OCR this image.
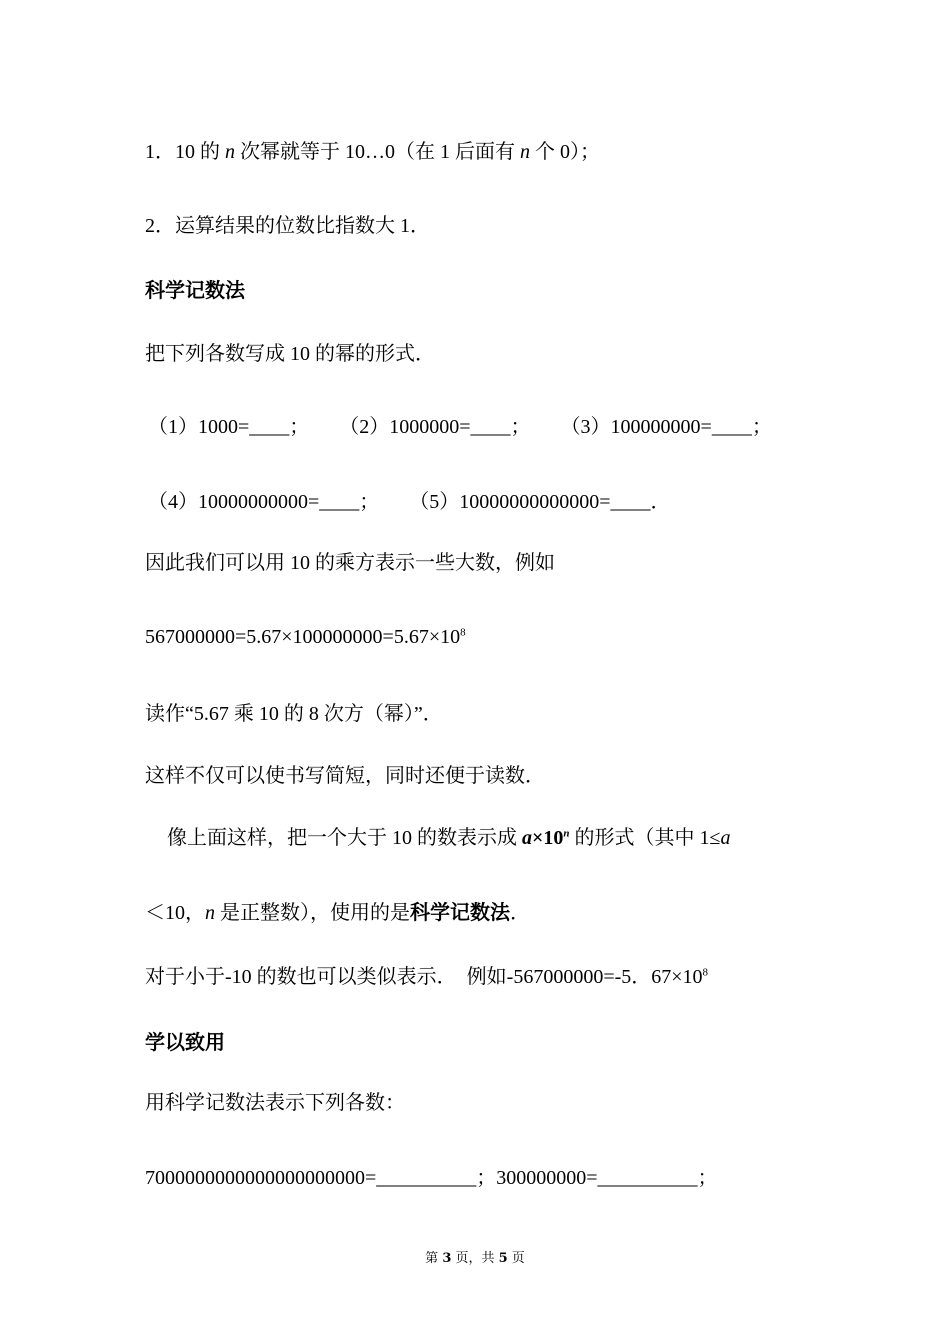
1．10 的 n 次幂就等于 10…0（在 1 后面有 n 个 0）；
2．运算结果的位数比指数大 1．
科学记数法
把下列各数写成 10 的幂的形式．
（1）1000=____； （2）1000000=____； （3）100000000=____；
（4）10000000000=____； （5）10000000000000=____．
因此我们可以用 10 的乘方表示一些大数，例如
$567000000=5.67\times 100000000=5.67\times 10^8$
读作“5.67 乘 10 的 8 次方（幂）”．
这样不仅可以使书写简短，同时还便于读数．
像上面这样，把一个大于 10 的数表示成 $a\times 10^n$ 的形式（其中 1≤a
＜10，n 是正整数），使用的是科学记数法．
对于小于-10 的数也可以类似表示．　例如-567000000=-5．$67\times 10^8$
学以致用
用科学记数法表示下列各数：
7000000000000000000000=__________；300000000=__________；
第 3 页，共 5 页
